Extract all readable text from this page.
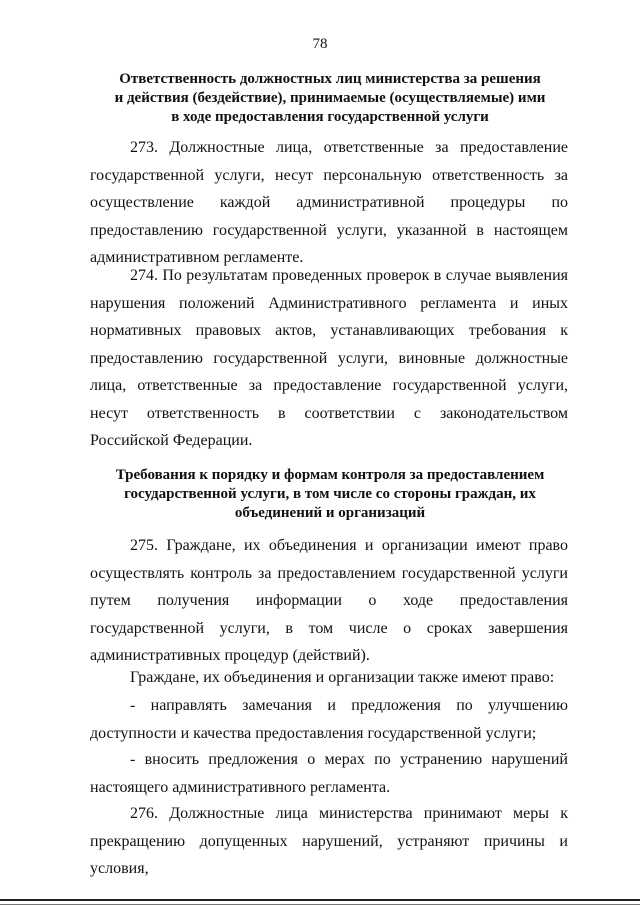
78
Ответственность должностных лиц министерства за решения
и действия (бездействие), принимаемые (осуществляемые) ими
в ходе предоставления государственной услуги

273. Должностные лица, ответственные за предоставление государственной услуги, несут персональную ответственность за осуществление каждой административной процедуры по предоставлению государственной услуги, указанной в настоящем административном регламенте.

274. По результатам проведенных проверок в случае выявления нарушения положений Административного регламента и иных нормативных правовых актов, устанавливающих требования к предоставлению государственной услуги, виновные должностные лица, ответственные за предоставление государственной услуги, несут ответственность в соответствии с законодательством Российской Федерации.

Требования к порядку и формам контроля за предоставлением
государственной услуги, в том числе со стороны граждан, их
объединений и организаций

275. Граждане, их объединения и организации имеют право осуществлять контроль за предоставлением государственной услуги путем получения информации о ходе предоставления государственной услуги, в том числе о сроках завершения административных процедур (действий).

Граждане, их объединения и организации также имеют право:

- направлять замечания и предложения по улучшению доступности и качества предоставления государственной услуги;

- вносить предложения о мерах по устранению нарушений настоящего административного регламента.

276. Должностные лица министерства принимают меры к прекращению допущенных нарушений, устраняют причины и условия,
